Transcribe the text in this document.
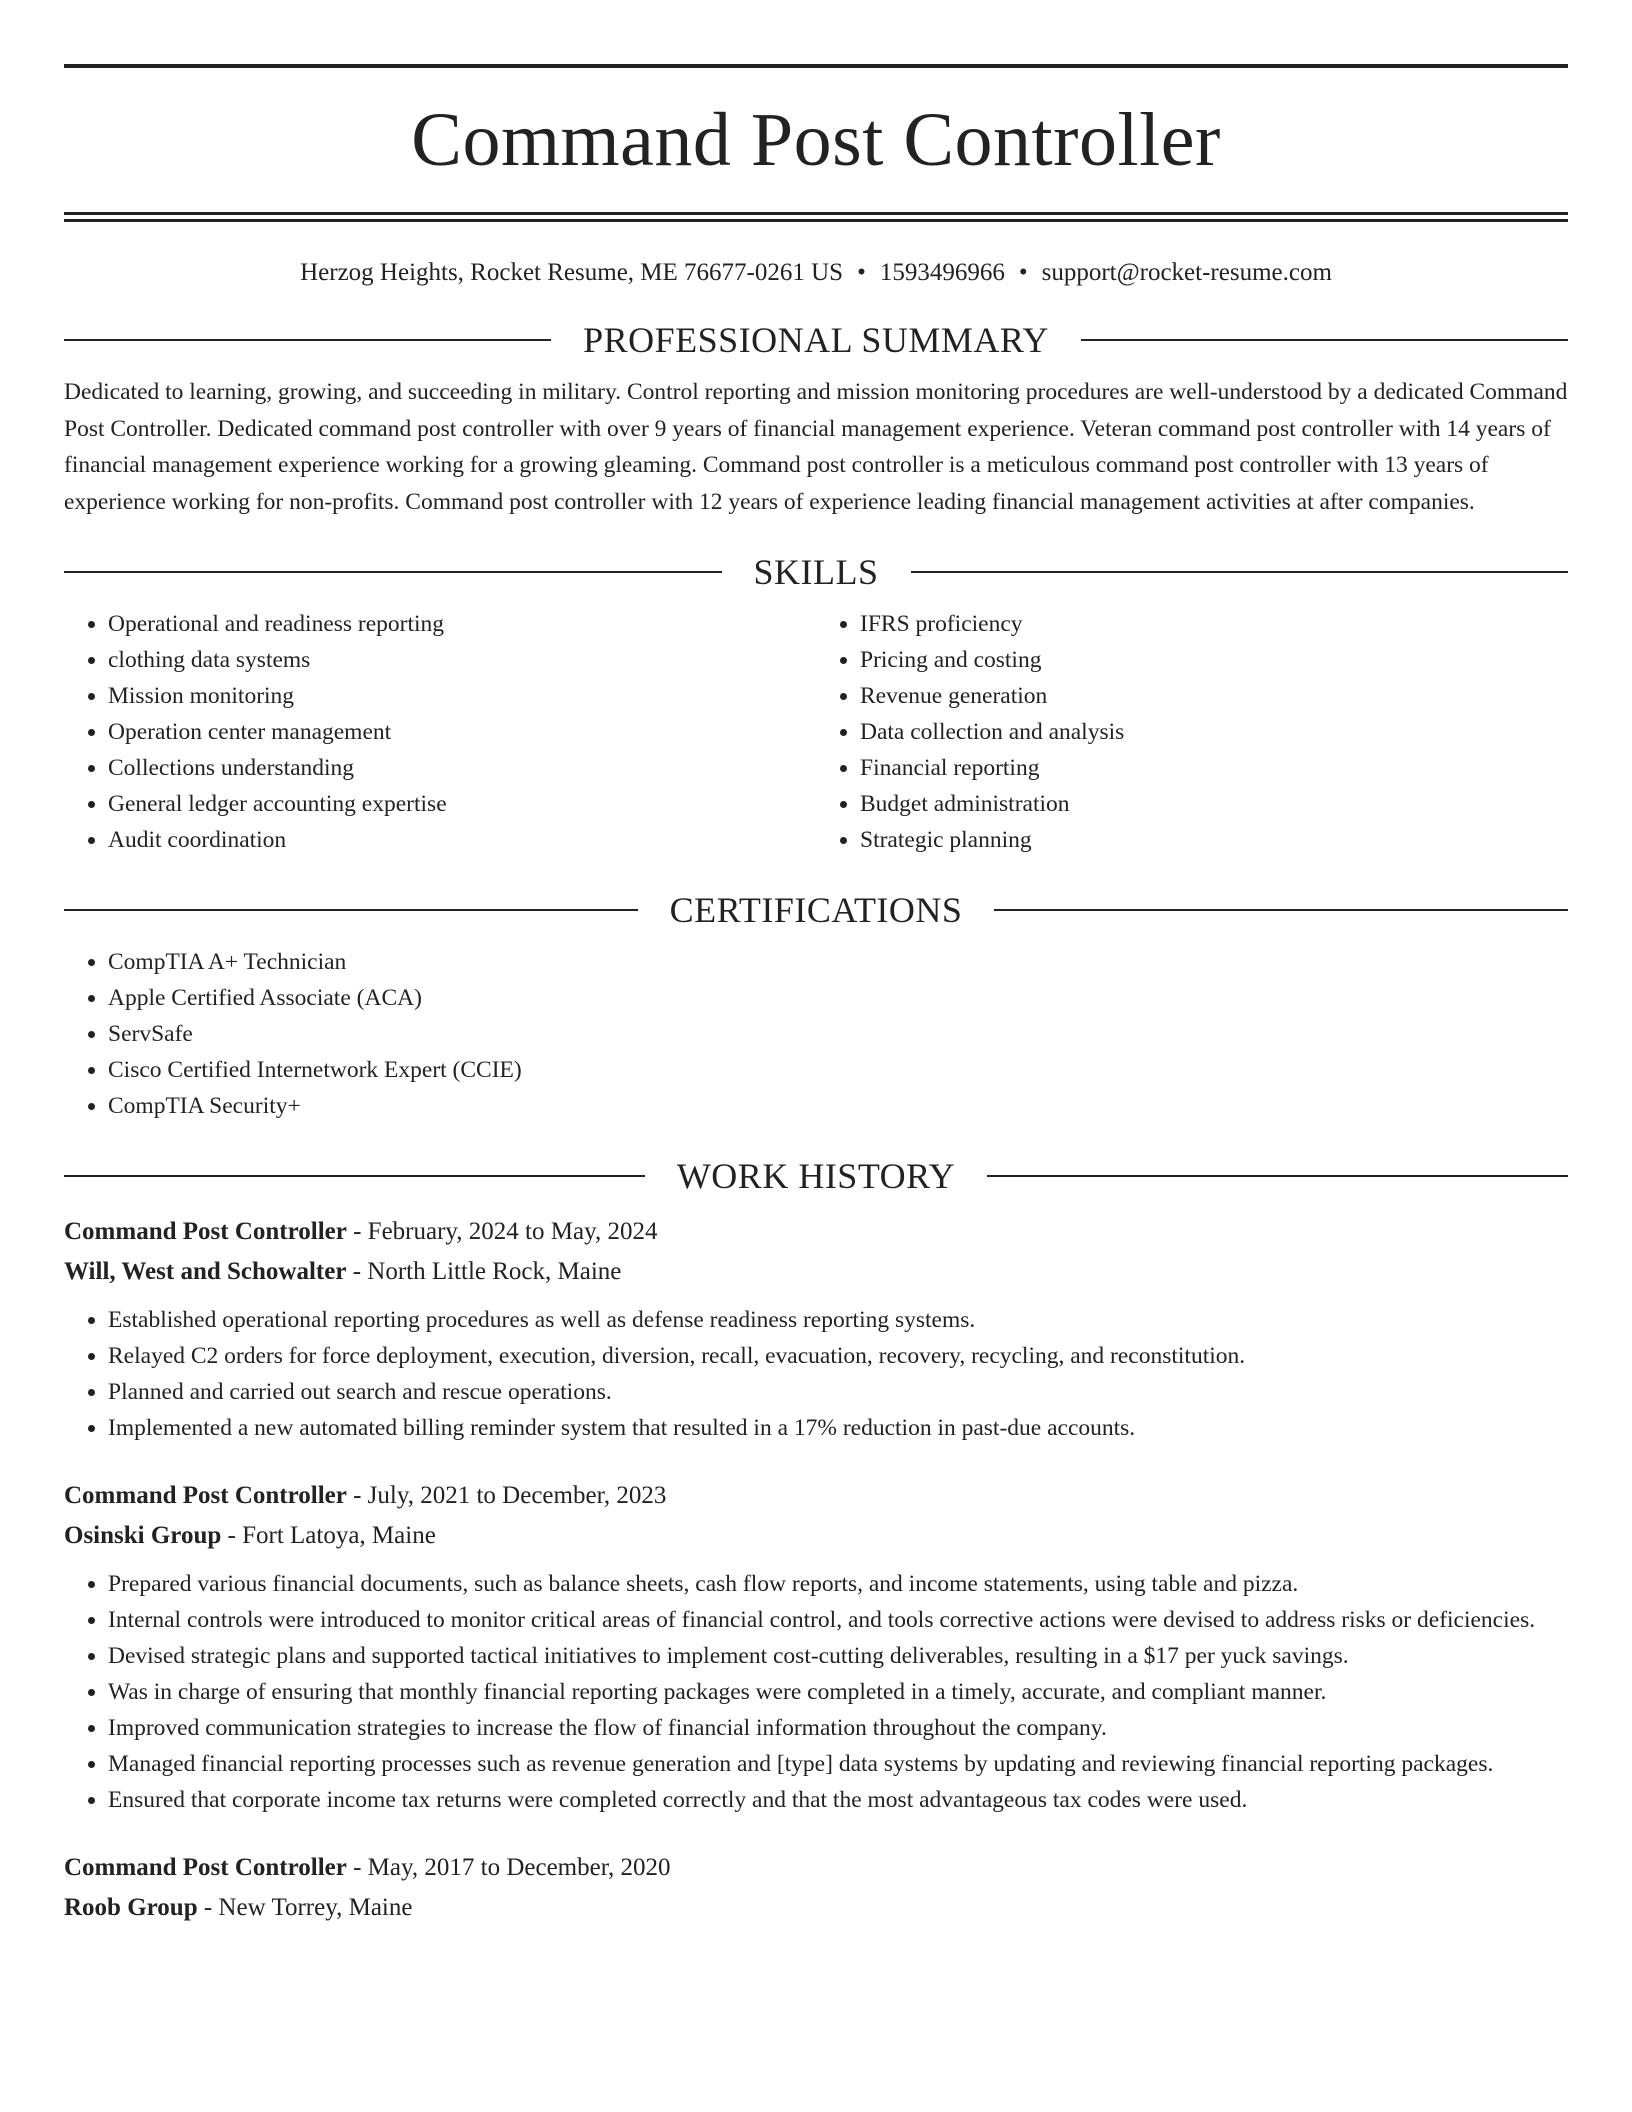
Command Post Controller
Herzog Heights, Rocket Resume, ME 76677-0261 US • 1593496966 • support@rocket-resume.com
PROFESSIONAL SUMMARY
Dedicated to learning, growing, and succeeding in military. Control reporting and mission monitoring procedures are well-understood by a dedicated Command Post Controller. Dedicated command post controller with over 9 years of financial management experience. Veteran command post controller with 14 years of financial management experience working for a growing gleaming. Command post controller is a meticulous command post controller with 13 years of experience working for non-profits. Command post controller with 12 years of experience leading financial management activities at after companies.
SKILLS
• Operational and readiness reporting
• clothing data systems
• Mission monitoring
• Operation center management
• Collections understanding
• General ledger accounting expertise
• Audit coordination
• IFRS proficiency
• Pricing and costing
• Revenue generation
• Data collection and analysis
• Financial reporting
• Budget administration
• Strategic planning
CERTIFICATIONS
• CompTIA A+ Technician
• Apple Certified Associate (ACA)
• ServSafe
• Cisco Certified Internetwork Expert (CCIE)
• CompTIA Security+
WORK HISTORY
Command Post Controller - February, 2024 to May, 2024
Will, West and Schowalter - North Little Rock, Maine
• Established operational reporting procedures as well as defense readiness reporting systems.
• Relayed C2 orders for force deployment, execution, diversion, recall, evacuation, recovery, recycling, and reconstitution.
• Planned and carried out search and rescue operations.
• Implemented a new automated billing reminder system that resulted in a 17% reduction in past-due accounts.
Command Post Controller - July, 2021 to December, 2023
Osinski Group - Fort Latoya, Maine
• Prepared various financial documents, such as balance sheets, cash flow reports, and income statements, using table and pizza.
• Internal controls were introduced to monitor critical areas of financial control, and tools corrective actions were devised to address risks or deficiencies.
• Devised strategic plans and supported tactical initiatives to implement cost-cutting deliverables, resulting in a $17 per yuck savings.
• Was in charge of ensuring that monthly financial reporting packages were completed in a timely, accurate, and compliant manner.
• Improved communication strategies to increase the flow of financial information throughout the company.
• Managed financial reporting processes such as revenue generation and [type] data systems by updating and reviewing financial reporting packages.
• Ensured that corporate income tax returns were completed correctly and that the most advantageous tax codes were used.
Command Post Controller - May, 2017 to December, 2020
Roob Group - New Torrey, Maine
